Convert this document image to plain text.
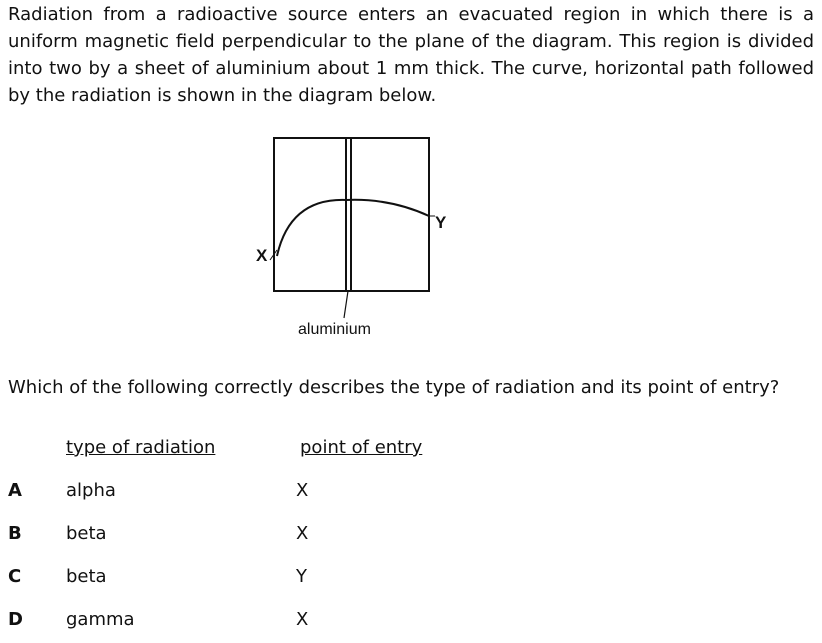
Radiation from a radioactive source enters an evacuated region in which there is a uniform magnetic field perpendicular to the plane of the diagram. This region is divided into two by a sheet of aluminium about 1 mm thick. The curve, horizontal path followed by the radiation is shown in the diagram below.

X
Y
aluminium

Which of the following correctly describes the type of radiation and its point of entry?

type of radiation	point of entry
A alpha	X
B beta	X
C beta	Y
D gamma	X
